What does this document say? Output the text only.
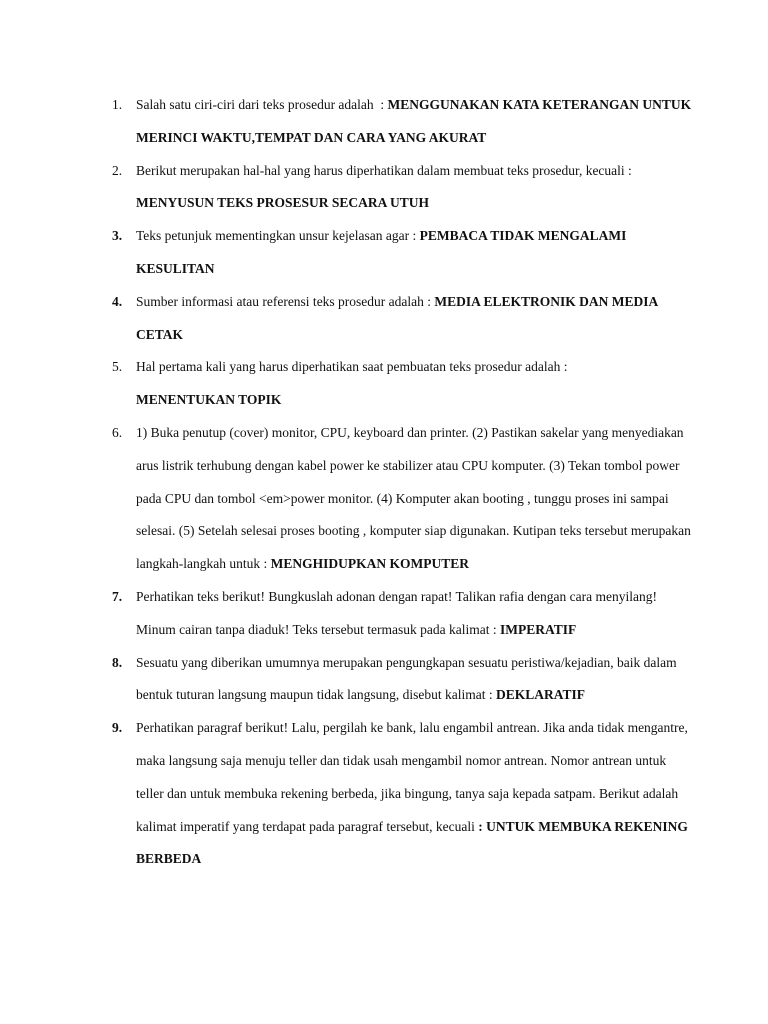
1. Salah satu ciri-ciri dari teks prosedur adalah  : MENGGUNAKAN KATA KETERANGAN UNTUK MERINCI WAKTU,TEMPAT DAN CARA YANG AKURAT
2. Berikut merupakan hal-hal yang harus diperhatikan dalam membuat teks prosedur, kecuali : MENYUSUN TEKS PROSESUR SECARA UTUH
3. Teks petunjuk mementingkan unsur kejelasan agar : PEMBACA TIDAK MENGALAMI KESULITAN
4. Sumber informasi atau referensi teks prosedur adalah : MEDIA ELEKTRONIK DAN MEDIA CETAK
5. Hal pertama kali yang harus diperhatikan saat pembuatan teks prosedur adalah :
MENENTUKAN TOPIK
6. 1) Buka penutup (cover) monitor, CPU, keyboard dan printer. (2) Pastikan sakelar yang menyediakan arus listrik terhubung dengan kabel power ke stabilizer atau CPU komputer. (3) Tekan tombol power pada CPU dan tombol <em>power monitor. (4) Komputer akan booting , tunggu proses ini sampai selesai. (5) Setelah selesai proses booting , komputer siap digunakan. Kutipan teks tersebut merupakan langkah-langkah untuk : MENGHIDUPKAN KOMPUTER
7. Perhatikan teks berikut! Bungkuslah adonan dengan rapat! Talikan rafia dengan cara menyilang! Minum cairan tanpa diaduk! Teks tersebut termasuk pada kalimat : IMPERATIF
8. Sesuatu yang diberikan umumnya merupakan pengungkapan sesuatu peristiwa/kejadian, baik dalam bentuk tuturan langsung maupun tidak langsung, disebut kalimat : DEKLARATIF
9. Perhatikan paragraf berikut! Lalu, pergilah ke bank, lalu engambil antrean. Jika anda tidak mengantre, maka langsung saja menuju teller dan tidak usah mengambil nomor antrean. Nomor antrean untuk teller dan untuk membuka rekening berbeda, jika bingung, tanya saja kepada satpam. Berikut adalah kalimat imperatif yang terdapat pada paragraf tersebut, kecuali : UNTUK MEMBUKA REKENING BERBEDA
